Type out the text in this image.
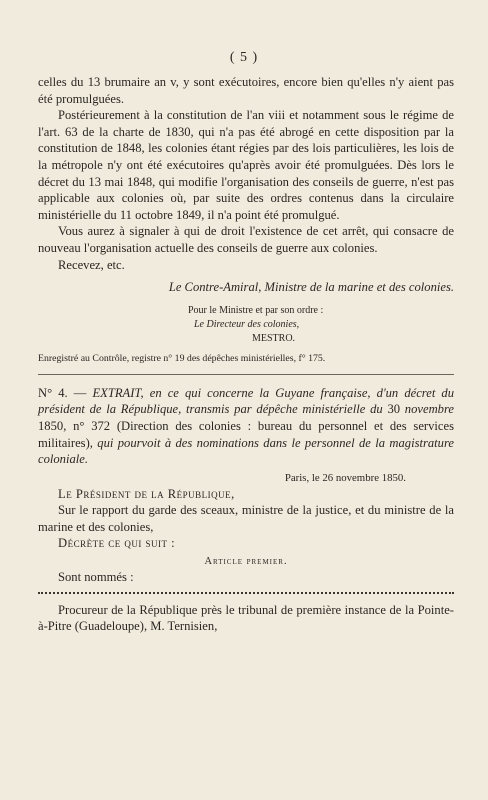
( 5 )

celles du 13 brumaire an v, y sont exécutoires, encore bien qu'elles n'y aient pas été promulguées.

Postérieurement à la constitution de l'an viii et notamment sous le régime de l'art. 63 de la charte de 1830, qui n'a pas été abrogé en cette disposition par la constitution de 1848, les colonies étant régies par des lois particulières, les lois de la métropole n'y ont été exécutoires qu'après avoir été promulguées. Dès lors le décret du 13 mai 1848, qui modifie l'organisation des conseils de guerre, n'est pas applicable aux colonies où, par suite des ordres contenus dans la circulaire ministérielle du 11 octobre 1849, il n'a point été promulgué.

Vous aurez à signaler à qui de droit l'existence de cet arrêt, qui consacre de nouveau l'organisation actuelle des conseils de guerre aux colonies.

Recevez, etc.

Le Contre-Amiral, Ministre de la marine et des colonies.
Pour le Ministre et par son ordre :
Le Directeur des colonies,
MESTRO.
Enregistré au Contrôle, registre n° 19 des dépêches ministérielles, f° 175.

N° 4. — EXTRAIT, en ce qui concerne la Guyane française, d'un décret du président de la République, transmis par dépêche ministérielle du 30 novembre 1850, n° 372 (Direction des colonies : bureau du personnel et des services militaires), qui pourvoit à des nominations dans le personnel de la magistrature coloniale.

Paris, le 26 novembre 1850.

Le Président de la République,

Sur le rapport du garde des sceaux, ministre de la justice, et du ministre de la marine et des colonies,

Décrète ce qui suit :

Article premier.

Sont nommés :

Procureur de la République près le tribunal de première instance de la Pointe-à-Pitre (Guadeloupe), M. Ternisien,
